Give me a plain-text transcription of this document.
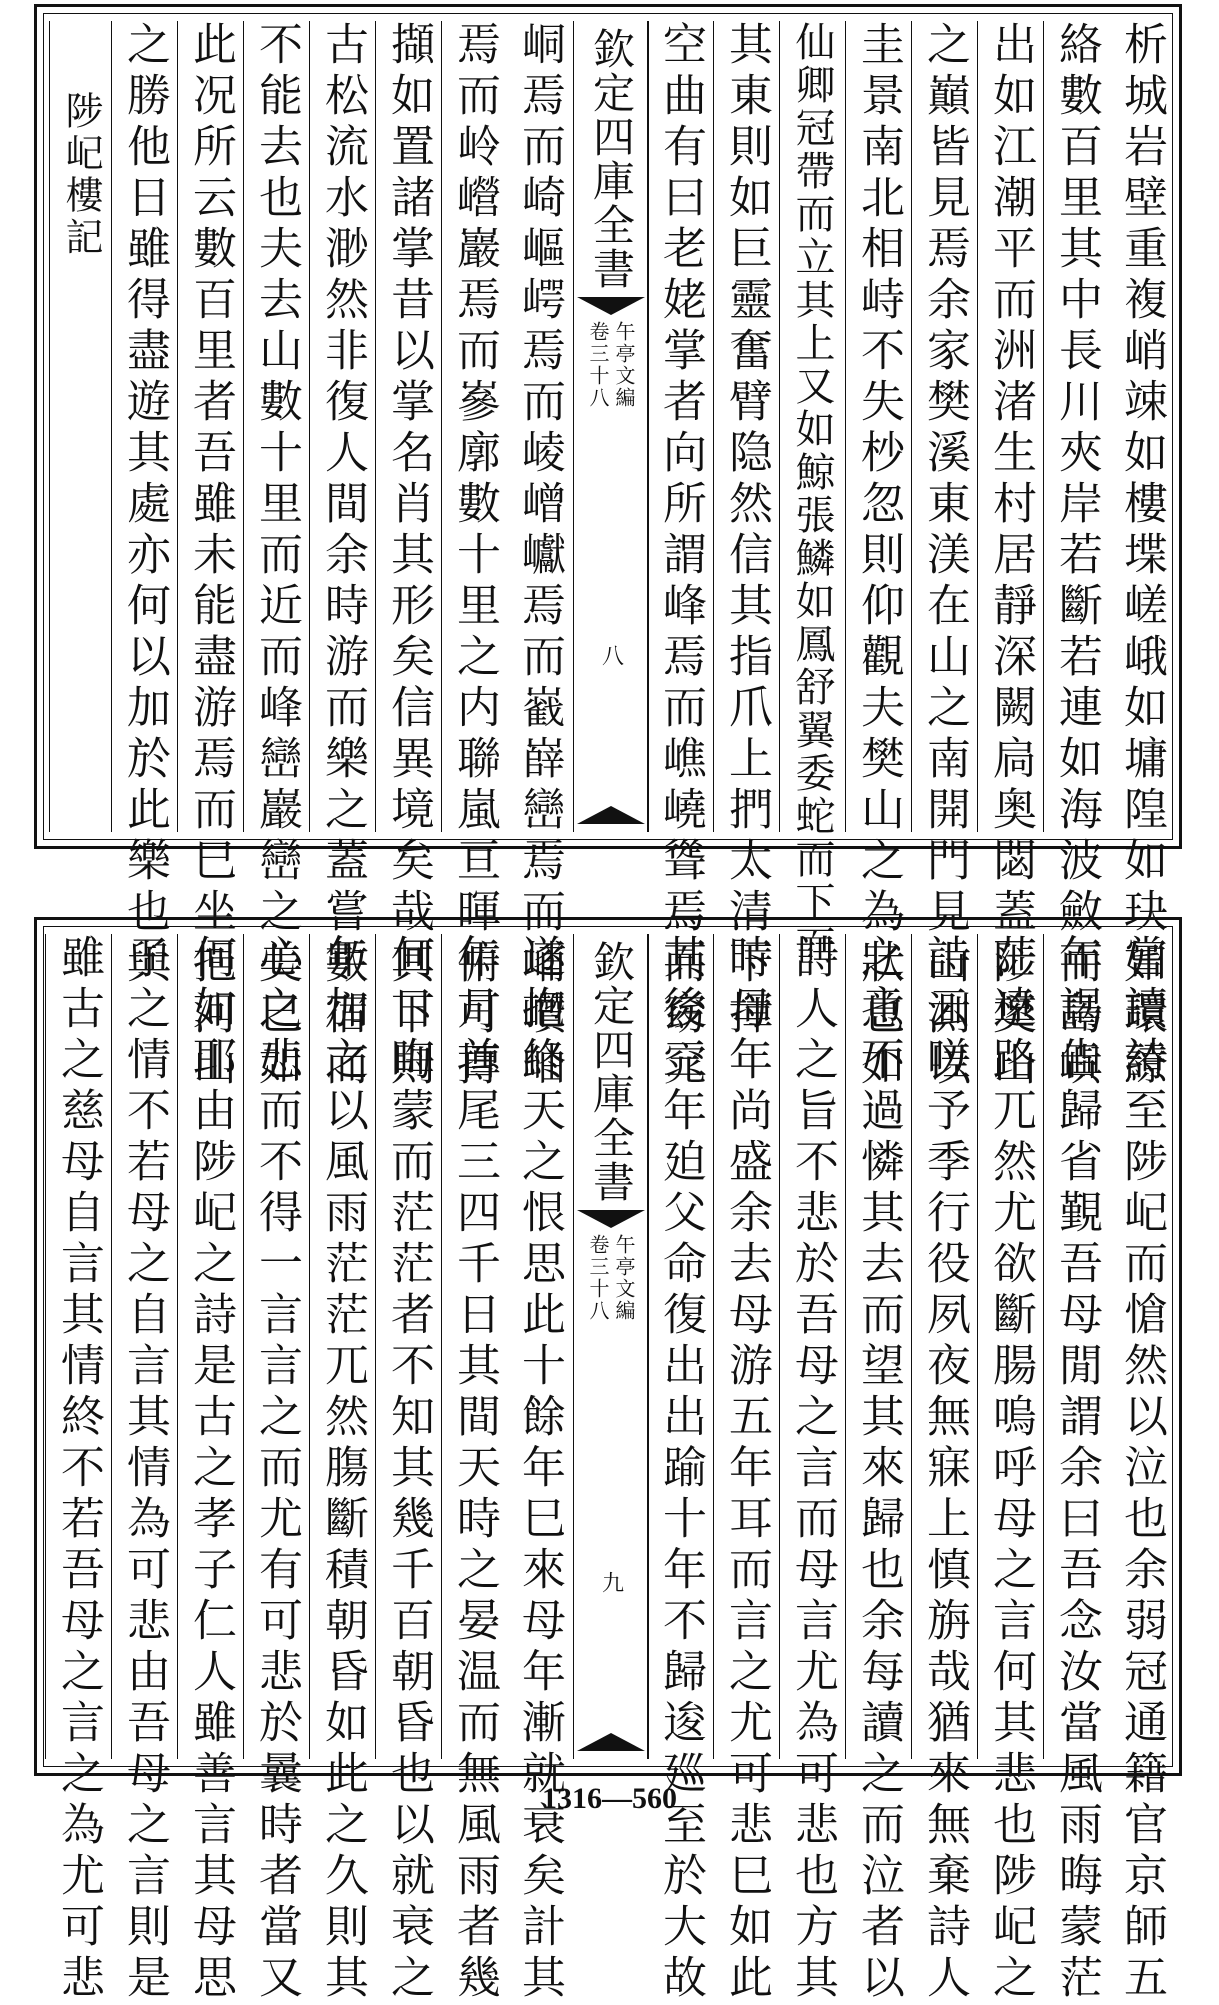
析城岩壁重複峭竦如樓堞嵯峨如墉隍如玦如環繚
絡數百里其中長川夾岸若斷若連如海波斂而島嶼
出如江潮平而洲渚生村居靜深闕扃奥閟蓋陟樊山
之巔皆見焉余家樊溪東渼在山之南開門見山測以
圭景南北相峙不失杪忽則仰觀夫樊山之為狀也如
仙卿冠帶而立其上又如鯨張鱗如鳳舒翼委蛇而下而
其東則如巨靈奮臂隐然信其指爪上捫太清下揮
空曲有曰老姥掌者向所謂峰焉而嶕嶢聳焉而窈窕
欽定四庫全書
午亭文編
卷三十八
八
峒焉而崎嶇崿焉而崚嶒巘焉而巀嶭巒焉而峬巑岫
焉而岭巆巖焉而嵾廓數十里之内聯嵐亘暉俯可摶
擷如置諸掌昔以掌名肖其形矣信異境矣哉其下則
古松流水渺然非復人間余時游而樂之蓋嘗數宿而
不能去也夫去山數十里而近而峰巒巖巒之美巳如
此况所云數百里者吾雖未能盡游焉而巳坐挹河山
之勝他日雖得盡遊其處亦何以加於此樂也與
陟屺樓記
嘗讀詩至陟屺而愴然以泣也余弱冠通籍官京師五
年謁告歸省覲吾母閒謂余曰吾念汝當風雨晦蒙茫
茫遠路兀然尤欲斷腸嗚呼母之言何其悲也陟屺之
詩云嗟予季行役夙夜無寐上慎旃哉猶來無棄詩人
之意不過憐其去而望其來歸也余每讀之而泣者以
詩人之旨不悲於吾母之言而母言尤為可悲也方其
時母年尚盛余去母游五年耳而言之尤可悲巳如此
其後三年廹父命復出出踰十年不歸逡廵至於大故
欽定四庫全書
午亭文編
卷三十八
九
遂抱終天之恨思此十餘年巳來母年漸就衰矣計其
年月首尾三四千日其間天時之晏温而無風雨者幾
何日晦蒙而茫茫者不知其幾千百朝昏也以就衰之
年加之以風雨茫茫兀然膓斷積朝昏如此之久則其
心之悲而不得一言言之而尤有可悲於曩時者當又
何如耶由陟屺之詩是古之孝子仁人雖善言其母思
子之情不若母之自言其情為可悲由吾母之言則是
雖古之慈母自言其情終不若吾母之言之為尤可悲	1316—560
